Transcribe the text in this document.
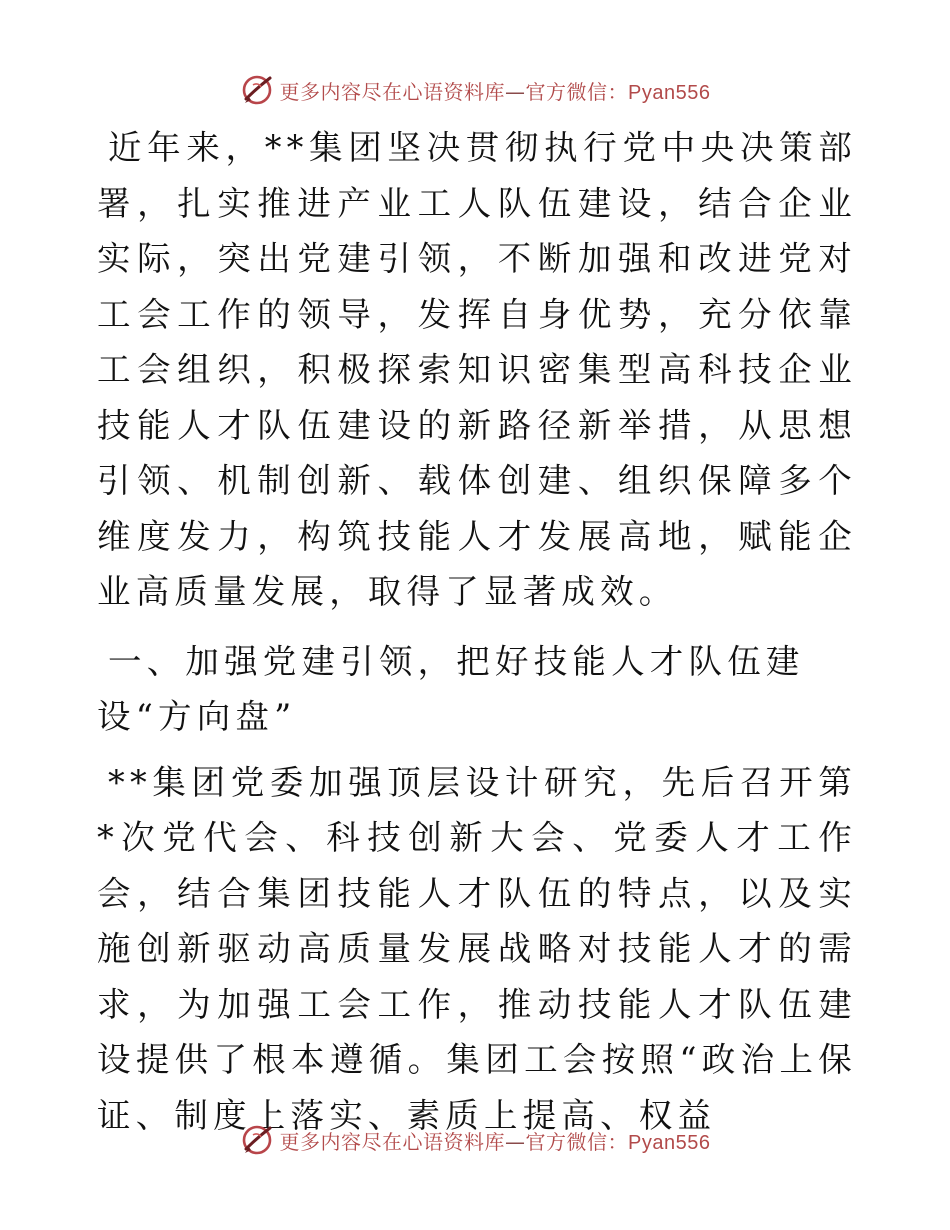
更多内容尽在心语资料库—官方微信：Pyan556

近年来，**集团坚决贯彻执行党中央决策部署，扎实推进产业工人队伍建设，结合企业实际，突出党建引领，不断加强和改进党对工会工作的领导，发挥自身优势，充分依靠工会组织，积极探索知识密集型高科技企业技能人才队伍建设的新路径新举措，从思想引领、机制创新、载体创建、组织保障多个维度发力，构筑技能人才发展高地，赋能企业高质量发展，取得了显著成效。

一、加强党建引领，把好技能人才队伍建设“方向盘”

**集团党委加强顶层设计研究，先后召开第*次党代会、科技创新大会、党委人才工作会，结合集团技能人才队伍的特点，以及实施创新驱动高质量发展战略对技能人才的需求，为加强工会工作，推动技能人才队伍建设提供了根本遵循。集团工会按照“政治上保证、制度上落实、素质上提高、权益

更多内容尽在心语资料库—官方微信：Pyan556
